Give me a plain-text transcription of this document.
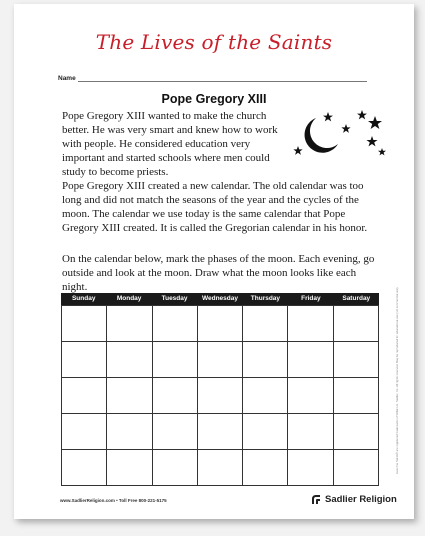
The Lives of the Saints
Name
Pope Gregory XIII

Pope Gregory XIII wanted to make the church better. He was very smart and knew how to work with people. He considered education very important and started schools where men could study to become priests.

Pope Gregory XIII created a new calendar. The old calendar was too long and did not match the seasons of the year and the cycles of the moon. The calendar we use today is the same calendar that Pope Gregory XIII created. It is called the Gregorian calendar in his honor.

On the calendar below, mark the phases of the moon. Each evening, go outside and look at the moon. Draw what the moon looks like each night.

Sunday	Monday	Tuesday	Wednesday	Thursday	Friday	Saturday	Lives the Saints® are registered trademarks of William H. Sadlier, Inc. All rights reserved. May be reproduced for educational use (not commercial use).
www.SadlierReligion.com • Toll Free 800-221-5175	Sadlier Religion
